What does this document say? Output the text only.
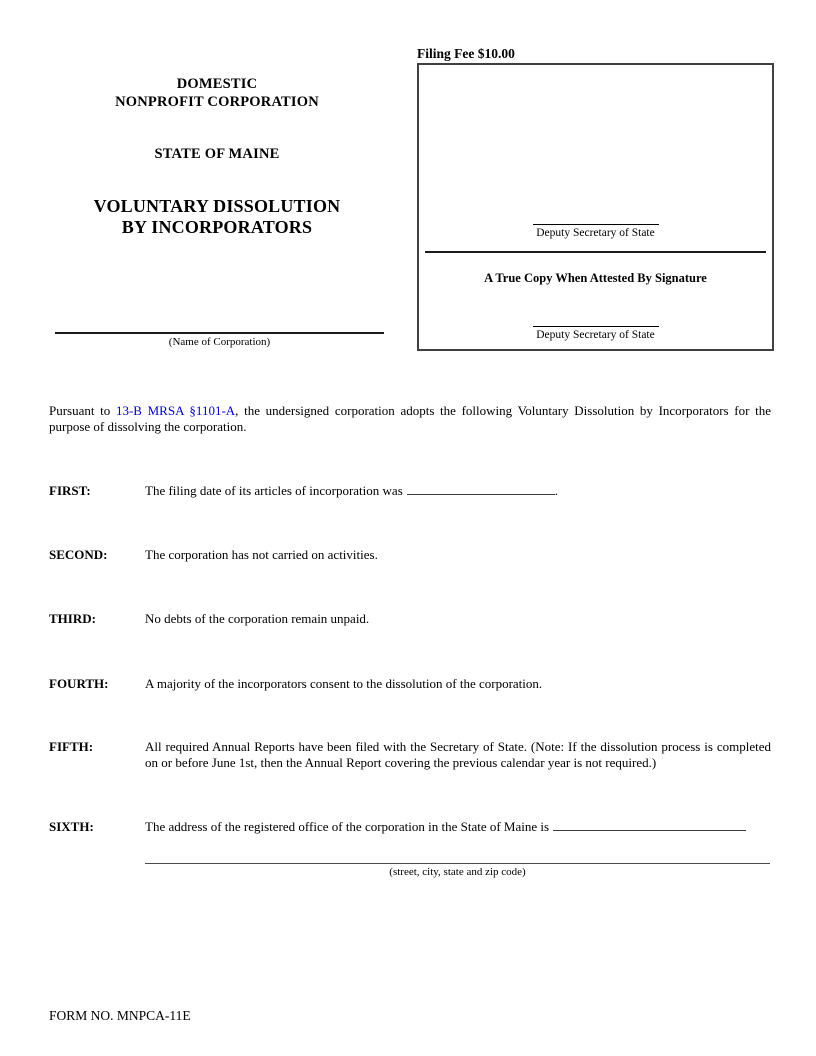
Filing Fee $10.00
Deputy Secretary of State
A True Copy When Attested By Signature
Deputy Secretary of State
DOMESTIC
NONPROFIT CORPORATION
STATE OF MAINE
VOLUNTARY DISSOLUTION
BY INCORPORATORS
(Name of Corporation)
Pursuant to 13-B MRSA §1101-A, the undersigned corporation adopts the following Voluntary Dissolution by Incorporators for the purpose of dissolving the corporation.
FIRST:	The filing date of its articles of incorporation was	.
SECOND:	The corporation has not carried on activities.
THIRD:	No debts of the corporation remain unpaid.
FOURTH:	A majority of the incorporators consent to the dissolution of the corporation.
FIFTH:	All required Annual Reports have been filed with the Secretary of State. (Note: If the dissolution process is completed on or before June 1st, then the Annual Report covering the previous calendar year is not required.)
SIXTH:	The address of the registered office of the corporation in the State of Maine is
(street, city, state and zip code)
FORM NO. MNPCA-11E
